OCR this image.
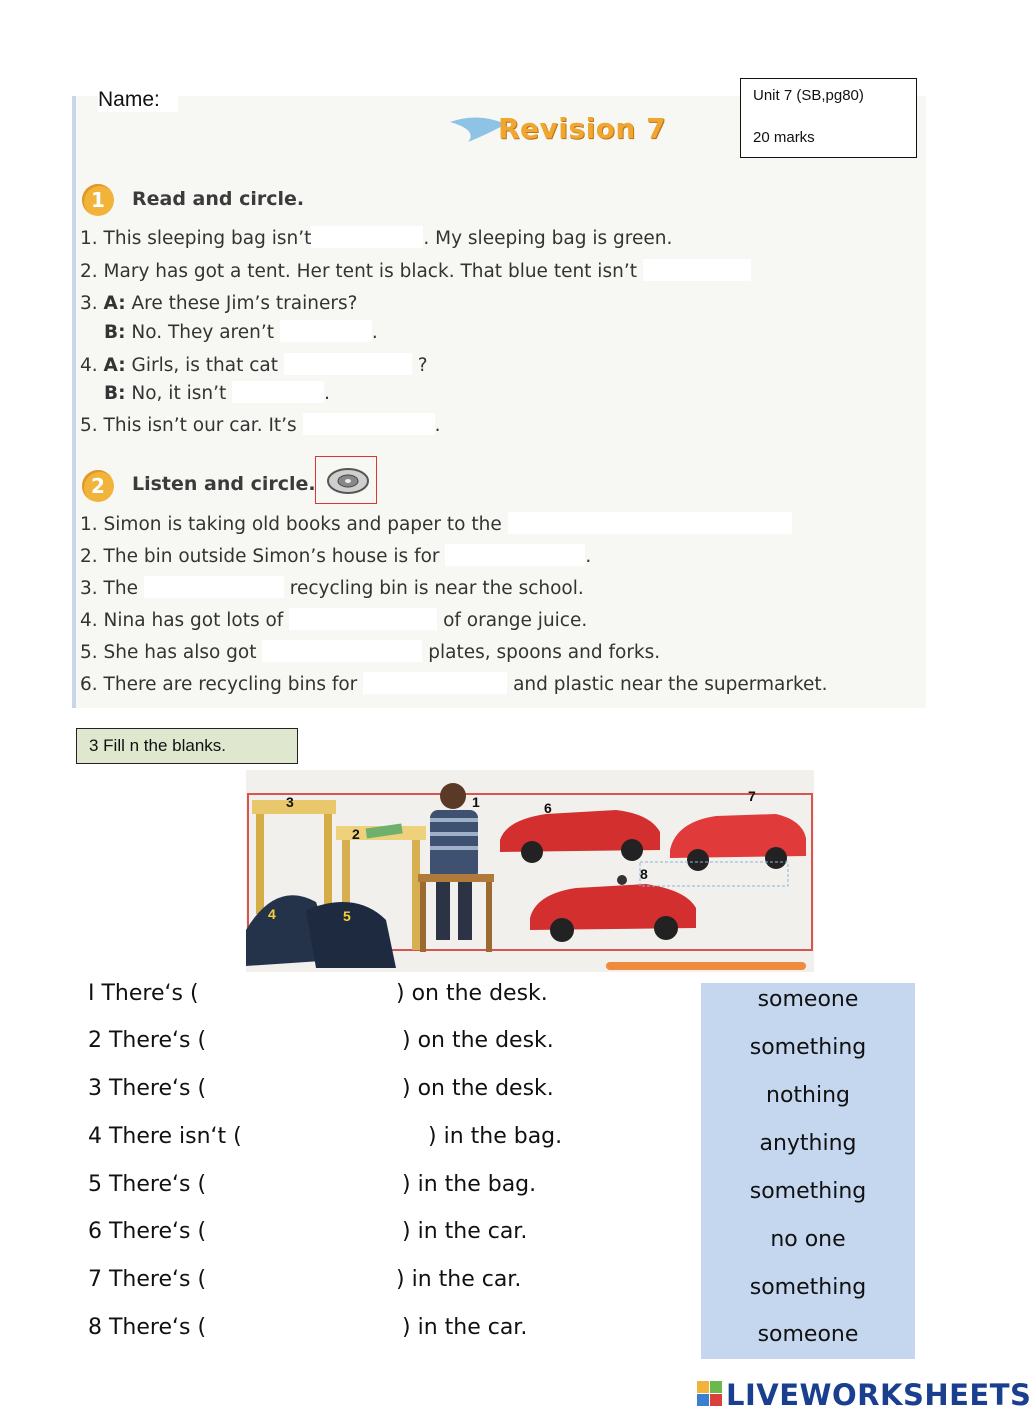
Name:	Unit 7 (SB,pg80)
20 marks
Revision 7
1	Read and circle.
1. This sleeping bag isn’t	. My sleeping bag is green.
2. Mary has got a tent. Her tent is black. That blue tent isn’t
3. A: Are these Jim’s trainers?
B: No. They aren’t	.
4. A: Girls, is that cat	?
B: No, it isn’t	.
5. This isn’t our car. It’s	.
2	Listen and circle.
1. Simon is taking old books and paper to the
2. The bin outside Simon’s house is for	.
3. The	recycling bin is near the school.
4. Nina has got lots of	of orange juice.
5. She has also got	plates, spoons and forks.
6. There are recycling bins for	and plastic near the supermarket.
3 Fill n the blanks.
1
2
3
4	5
6
7
8
I There‘s (	) on the desk.
2 There‘s (	) on the desk.
3 There‘s (	) on the desk.
4 There isn‘t (	) in the bag.
5 There‘s (	) in the bag.
6 There‘s (	) in the car.
7 There‘s (	) in the car.
8 There‘s (	) in the car.
someone
something
nothing
anything
something
no one
something
someone
LIVEWORKSHEETS
